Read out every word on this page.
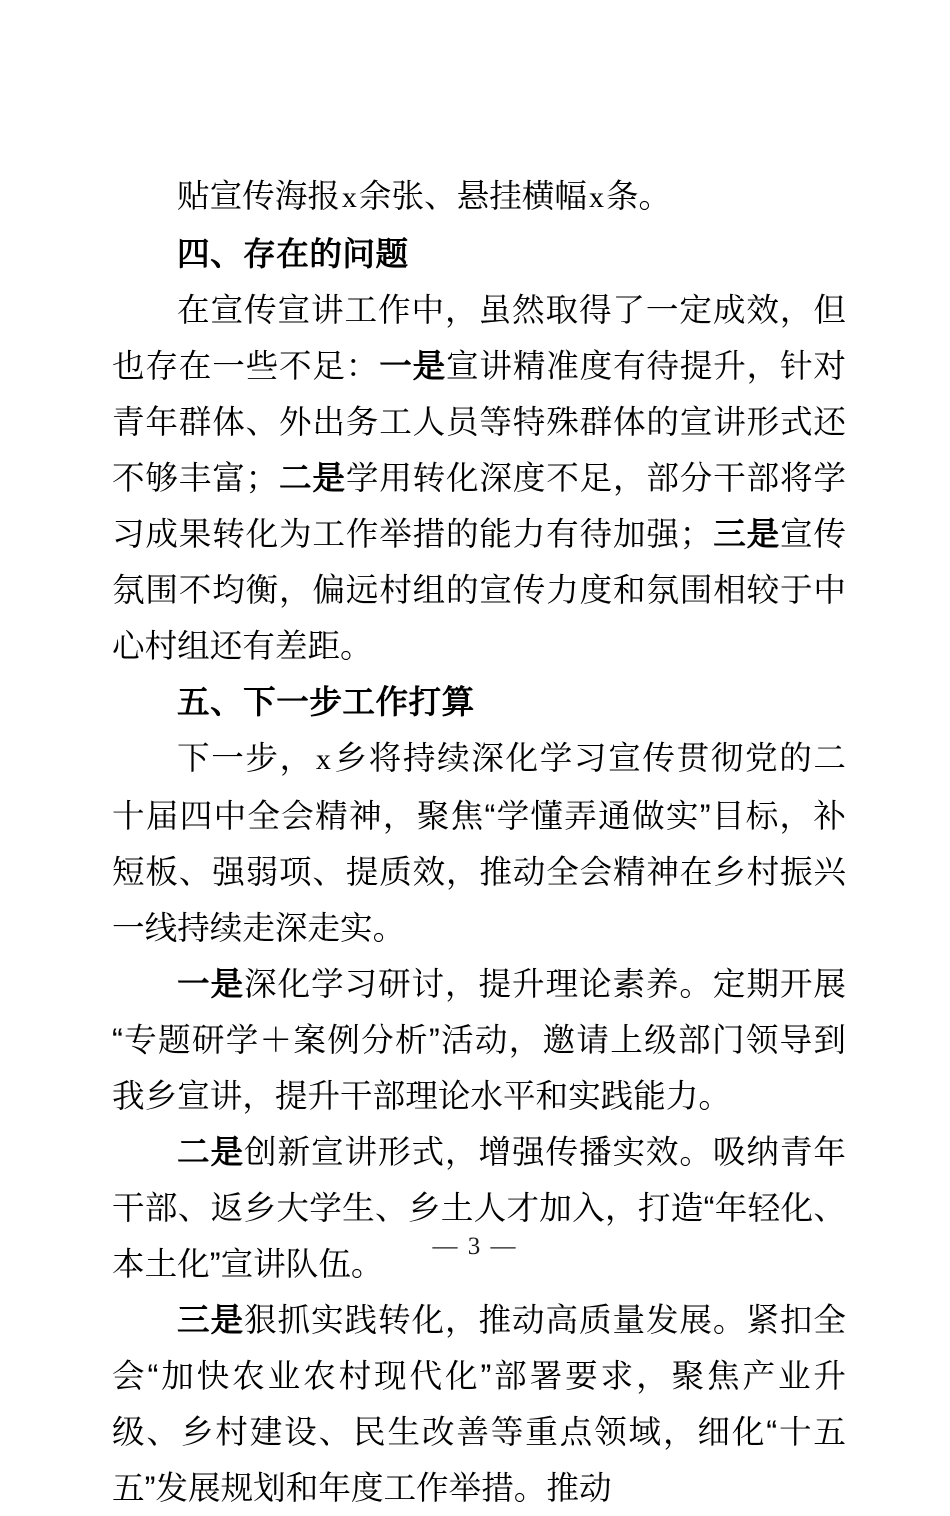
贴宣传海报x余张、悬挂横幅x条。

四、存在的问题

在宣传宣讲工作中，虽然取得了一定成效，但也存在一些不足：一是宣讲精准度有待提升，针对青年群体、外出务工人员等特殊群体的宣讲形式还不够丰富；二是学用转化深度不足，部分干部将学习成果转化为工作举措的能力有待加强；三是宣传氛围不均衡，偏远村组的宣传力度和氛围相较于中心村组还有差距。

五、下一步工作打算

下一步，x乡将持续深化学习宣传贯彻党的二十届四中全会精神，聚焦“学懂弄通做实”目标，补短板、强弱项、提质效，推动全会精神在乡村振兴一线持续走深走实。

一是深化学习研讨，提升理论素养。定期开展“专题研学＋案例分析”活动，邀请上级部门领导到我乡宣讲，提升干部理论水平和实践能力。

二是创新宣讲形式，增强传播实效。吸纳青年干部、返乡大学生、乡土人才加入，打造“年轻化、本土化”宣讲队伍。

三是狠抓实践转化，推动高质量发展。紧扣全会“加快农业农村现代化”部署要求，聚焦产业升级、乡村建设、民生改善等重点领域，细化“十五五”发展规划和年度工作举措。推动

— 3 —
